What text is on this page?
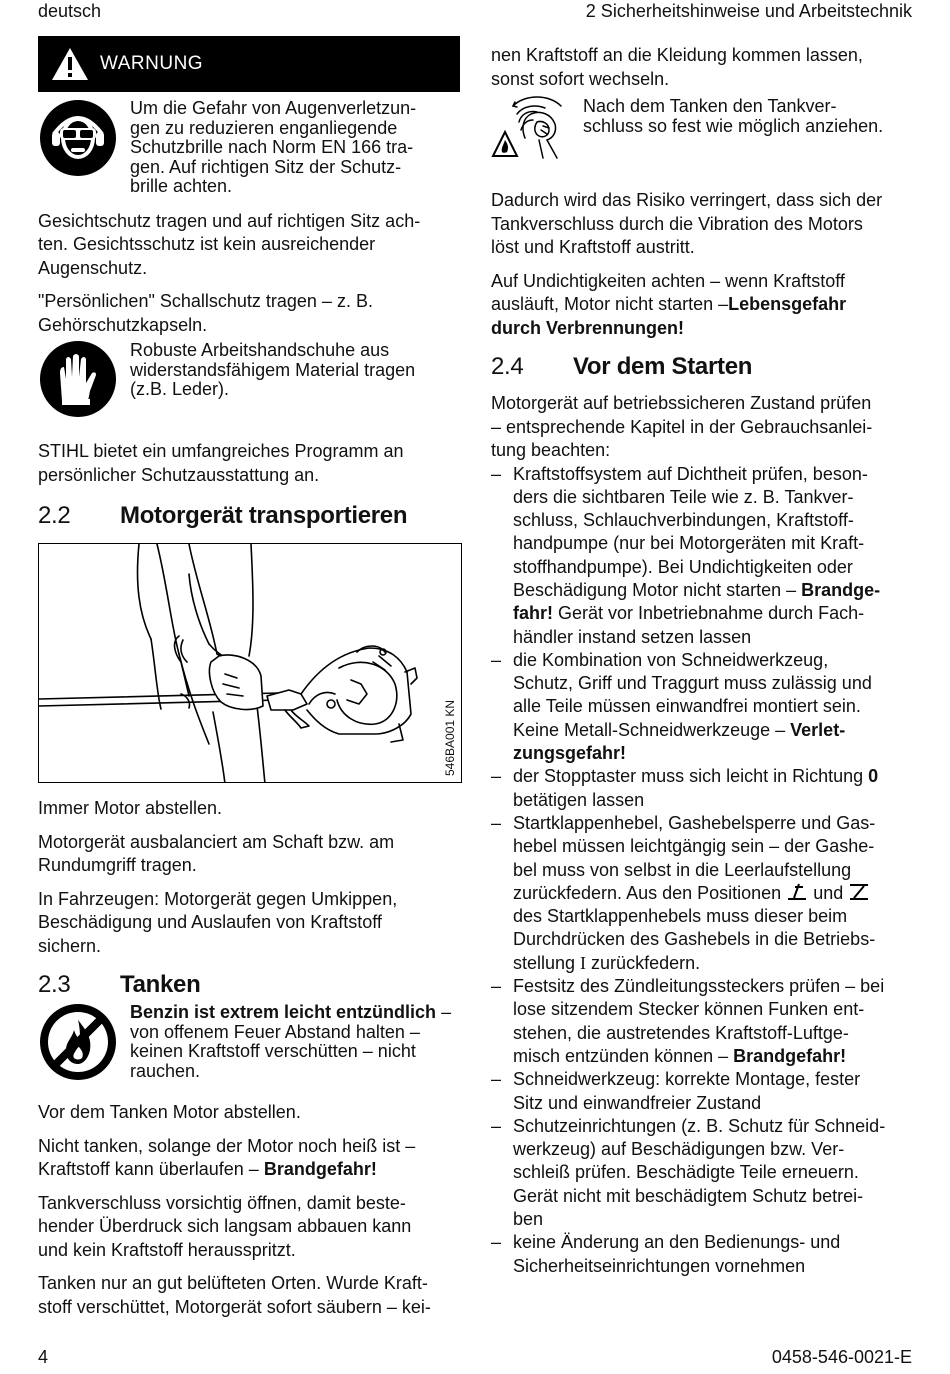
deutsch	2 Sicherheitshinweise und Arbeitstechnik
WARNUNG
Um die Gefahr von Augenverletzun-
gen zu reduzieren enganliegende
Schutzbrille nach Norm EN 166 tra-
gen. Auf richtigen Sitz der Schutz-
brille achten.

Gesichtschutz tragen und auf richtigen Sitz ach-
ten. Gesichtsschutz ist kein ausreichender
Augenschutz.

"Persönlichen" Schallschutz tragen – z. B.
Gehörschutzkapseln.

Robuste Arbeitshandschuhe aus
widerstandsfähigem Material tragen
(z.B. Leder).

STIHL bietet ein umfangreiches Programm an
persönlicher Schutzausstattung an.

2.2	Motorgerät transportieren
546BA001 KN

Immer Motor abstellen.

Motorgerät ausbalanciert am Schaft bzw. am
Rundumgriff tragen.

In Fahrzeugen: Motorgerät gegen Umkippen,
Beschädigung und Auslaufen von Kraftstoff
sichern.

2.3	Tanken
Benzin ist extrem leicht entzündlich –
von offenem Feuer Abstand halten –
keinen Kraftstoff verschütten – nicht
rauchen.

Vor dem Tanken Motor abstellen.

Nicht tanken, solange der Motor noch heiß ist –
Kraftstoff kann überlaufen – Brandgefahr!

Tankverschluss vorsichtig öffnen, damit beste-
hender Überdruck sich langsam abbauen kann
und kein Kraftstoff herausspritzt.

Tanken nur an gut belüfteten Orten. Wurde Kraft-
stoff verschüttet, Motorgerät sofort säubern – kei-

nen Kraftstoff an die Kleidung kommen lassen,
sonst sofort wechseln.

Nach dem Tanken den Tankver-
schluss so fest wie möglich anziehen.

Dadurch wird das Risiko verringert, dass sich der
Tankverschluss durch die Vibration des Motors
löst und Kraftstoff austritt.

Auf Undichtigkeiten achten – wenn Kraftstoff
ausläuft, Motor nicht starten –Lebensgefahr
durch Verbrennungen!

2.4	Vor dem Starten

Motorgerät auf betriebssicheren Zustand prüfen
– entsprechende Kapitel in der Gebrauchsanlei-
tung beachten:

– Kraftstoffsystem auf Dichtheit prüfen, beson-
ders die sichtbaren Teile wie z. B. Tankver-
schluss, Schlauchverbindungen, Kraftstoff-
handpumpe (nur bei Motorgeräten mit Kraft-
stoffhandpumpe). Bei Undichtigkeiten oder
Beschädigung Motor nicht starten – Brandge-
fahr! Gerät vor Inbetriebnahme durch Fach-
händler instand setzen lassen
– die Kombination von Schneidwerkzeug,
Schutz, Griff und Traggurt muss zulässig und
alle Teile müssen einwandfrei montiert sein.
Keine Metall-Schneidwerkzeuge – Verlet-
zungsgefahr!
– der Stopptaster muss sich leicht in Richtung 0
betätigen lassen
– Startklappenhebel, Gashebelsperre und Gas-
hebel müssen leichtgängig sein – der Gashe-
bel muss von selbst in die Leerlaufstellung
zurückfedern. Aus den Positionen  und
des Startklappenhebels muss dieser beim
Durchdrücken des Gashebels in die Betriebs-
stellung I zurückfedern.
– Festsitz des Zündleitungssteckers prüfen – bei
lose sitzendem Stecker können Funken ent-
stehen, die austretendes Kraftstoff-Luftge-
misch entzünden können – Brandgefahr!
– Schneidwerkzeug: korrekte Montage, fester
Sitz und einwandfreier Zustand
– Schutzeinrichtungen (z. B. Schutz für Schneid-
werkzeug) auf Beschädigungen bzw. Ver-
schleiß prüfen. Beschädigte Teile erneuern.
Gerät nicht mit beschädigtem Schutz betrei-
ben
– keine Änderung an den Bedienungs- und
Sicherheitseinrichtungen vornehmen
4	0458-546-0021-E
